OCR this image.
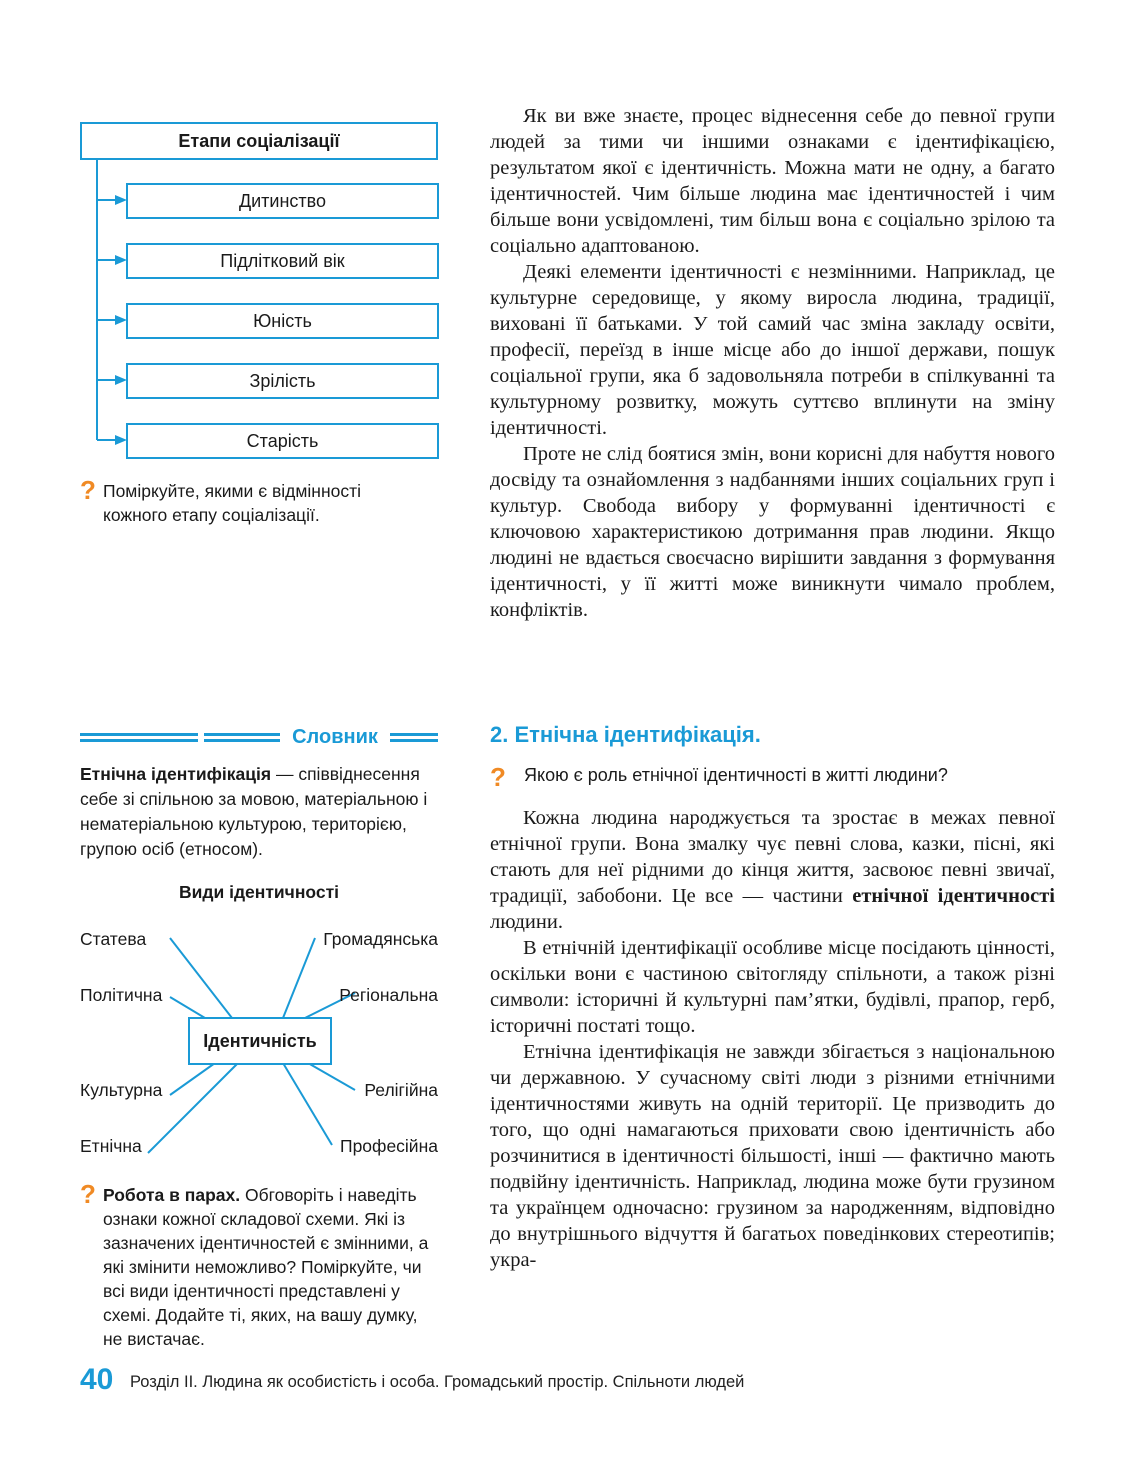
Етапи соціалізації
Дитинство
Підлітковий вік
Юність
Зрілість
Старість
? Поміркуйте, якими є відмінності кожного етапу соціалізації.

Як ви вже знаєте, процес віднесення себе до певної групи людей за тими чи іншими ознаками є ідентифікацією, результатом якої є ідентичність. Можна мати не одну, а багато ідентичностей. Чим більше людина має ідентичностей і чим більше вони усвідомлені, тим більш вона є соціально зрілою та соціально адаптованою.

Деякі елементи ідентичності є незмінними. Наприклад, це культурне середовище, у якому виросла людина, традиції, виховані її батьками. У той самий час зміна закладу освіти, професії, переїзд в інше місце або до іншої держави, пошук соціальної групи, яка б задовольняла потреби в спілкуванні та культурному розвитку, можуть суттєво вплинути на зміну ідентичності.

Проте не слід боятися змін, вони корисні для набуття нового досвіду та ознайомлення з надбаннями інших соціальних груп і культур. Свобода вибору у формуванні ідентичності є ключовою характеристикою дотримання прав людини. Якщо людині не вдається своєчасно вирішити завдання з формування ідентичності, у її житті може виникнути чимало проблем, конфліктів.

2. Етнічна ідентифікація.
? Якою є роль етнічної ідентичності в житті людини?

Кожна людина народжується та зростає в межах певної етнічної групи. Вона змалку чує певні слова, казки, пісні, які стають для неї рідними до кінця життя, засвоює певні звичаї, традиції, забобони. Це все — частини етнічної ідентичності людини.

В етнічній ідентифікації особливе місце посідають цінності, оскільки вони є частиною світогляду спільноти, а також різні символи: історичні й культурні пам’ятки, будівлі, прапор, герб, історичні постаті тощо.

Етнічна ідентифікація не завжди збігається з національною чи державною. У сучасному світі люди з різними етнічними ідентичностями живуть на одній території. Це призводить до того, що одні намагаються приховати свою ідентичність або розчинитися в ідентичності більшості, інші — фактично мають подвійну ідентичність. Наприклад, людина може бути грузином та українцем одночасно: грузином за народженням, відповідно до внутрішнього відчуття й багатьох поведінкових стереотипів; укра-

Словник
Етнічна ідентифікація — співвіднесення себе зі спільною за мовою, матеріальною і нематеріальною культурою, територією, групою осіб (етносом).
Види ідентичності
Ідентичність
Статева
Політична
Культурна
Етнічна
Громадянська
Регіональна
Релігійна
Професійна
? Робота в парах. Обговоріть і наведіть ознаки кожної складової схеми. Які із зазначених ідентичностей є змінними, а які змінити неможливо? Поміркуйте, чи всі види ідентичності представлені у схемі. Додайте ті, яких, на вашу думку, не вистачає.
40 Розділ ІІ. Людина як особистість і особа. Громадський простір. Спільноти людей
